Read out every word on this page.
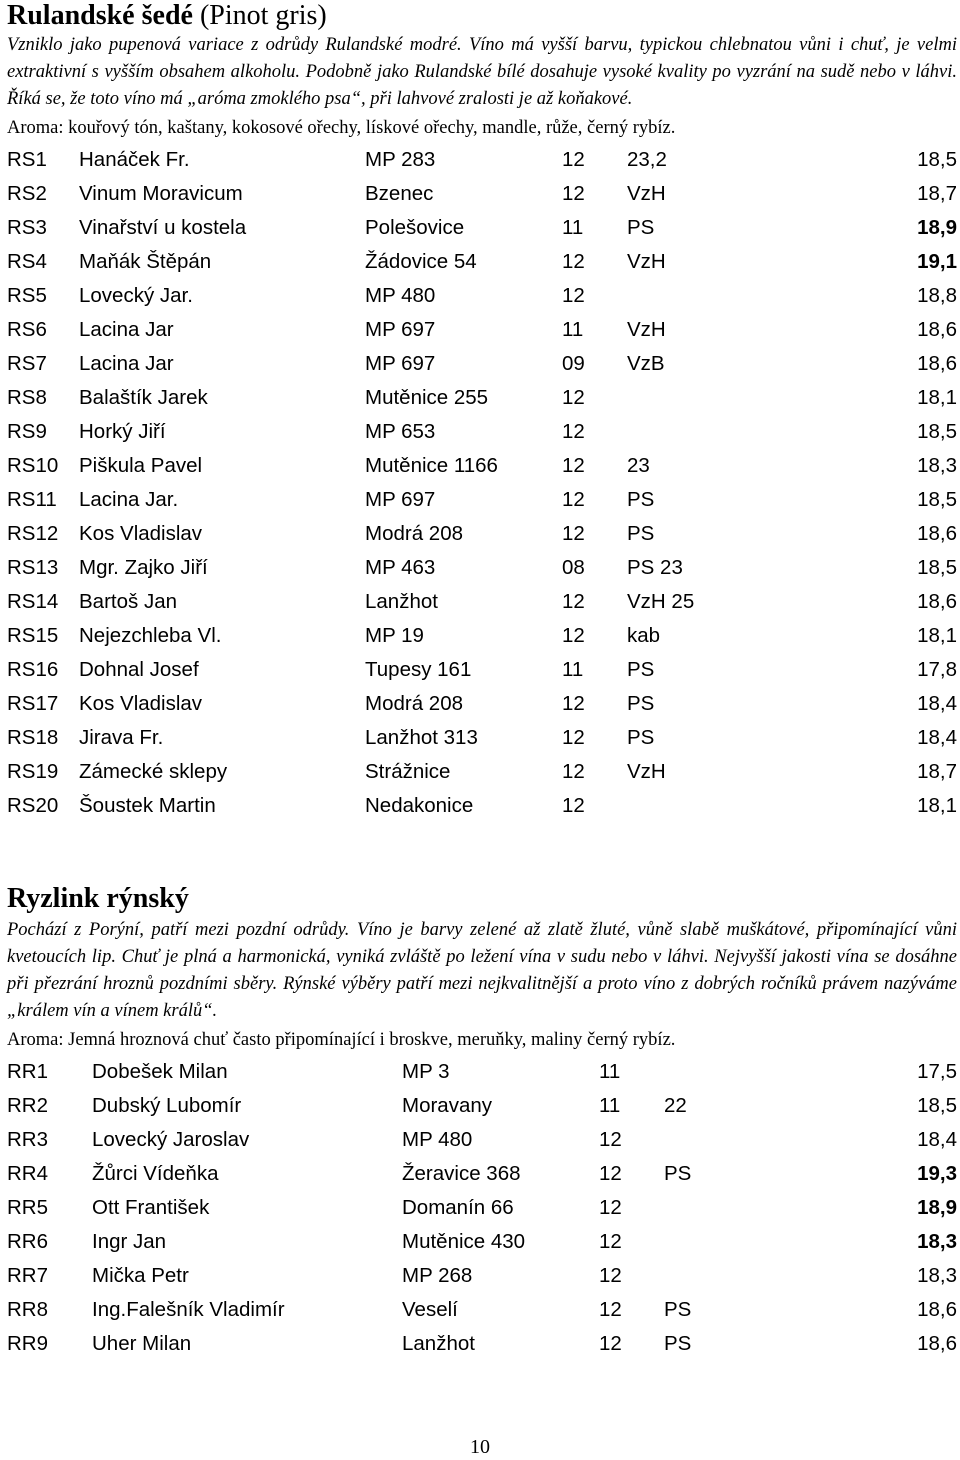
Rulandské šedé (Pinot gris)

Vzniklo jako pupenová variace z odrůdy Rulandské modré. Víno má vyšší barvu, typickou chlebnatou vůni i chuť, je velmi extraktivní s vyšším obsahem alkoholu. Podobně jako Rulandské bílé dosahuje vysoké kvality po vyzrání na sudě nebo v láhvi. Říká se, že toto víno má „aróma zmoklého psa“, při lahvové zralosti je až koňakové.

Aroma: kouřový tón, kaštany, kokosové ořechy, lískové ořechy, mandle, růže, černý rybíz.

RS1 Hanáček Fr.	MP 283	12 23,2	18,5
RS2 Vinum Moravicum	Bzenec	12 VzH	18,7
RS3 Vinařství u kostela	Polešovice	11 PS	18,9
RS4 Maňák Štěpán	Žádovice 54	12 VzH	19,1
RS5 Lovecký Jar.	MP 480	12	18,8
RS6 Lacina Jar	MP 697	11 VzH	18,6
RS7 Lacina Jar	MP 697	09 VzB	18,6
RS8 Balaštík Jarek	Mutěnice 255	12	18,1
RS9 Horký Jiří	MP 653	12	18,5
RS10 Piškula Pavel	Mutěnice 1166	12 23	18,3
RS11 Lacina Jar.	MP 697	12 PS	18,5
RS12 Kos Vladislav	Modrá 208	12 PS	18,6
RS13 Mgr. Zajko Jiří	MP 463	08 PS 23	18,5
RS14 Bartoš Jan	Lanžhot	12 VzH 25	18,6
RS15 Nejezchleba Vl.	MP 19	12 kab	18,1
RS16 Dohnal Josef	Tupesy 161	11 PS	17,8
RS17 Kos Vladislav	Modrá 208	12 PS	18,4
RS18 Jirava Fr.	Lanžhot 313	12 PS	18,4
RS19 Zámecké sklepy	Strážnice	12 VzH	18,7
RS20 Šoustek Martin	Nedakonice	12	18,1
Ryzlink rýnský

Pochází z Porýní, patří mezi pozdní odrůdy. Víno je barvy zelené až zlatě žluté, vůně slabě muškátové, připomínající vůni kvetoucích lip. Chuť je plná a harmonická, vyniká zvláště po ležení vína v sudu nebo v láhvi. Nejvyšší jakosti vína se dosáhne při přezrání hroznů pozdními sběry. Rýnské výběry patří mezi nejkvalitnější a proto víno z dobrých ročníků právem nazýváme „králem vín a vínem králů“.

Aroma: Jemná hroznová chuť často připomínající i broskve, meruňky, maliny černý rybíz.

RR1 Dobešek Milan	MP 3	11	17,5
RR2 Dubský Lubomír	Moravany	11 22	18,5
RR3 Lovecký Jaroslav	MP 480	12	18,4
RR4 Žůrci Vídeňka	Žeravice 368	12 PS	19,3
RR5 Ott František	Domanín 66	12	18,9
RR6 Ingr Jan	Mutěnice 430	12	18,3
RR7 Mička Petr	MP 268	12	18,3
RR8 Ing.Falešník Vladimír	Veselí	12 PS	18,6
RR9 Uher Milan	Lanžhot	12 PS	18,6
10
